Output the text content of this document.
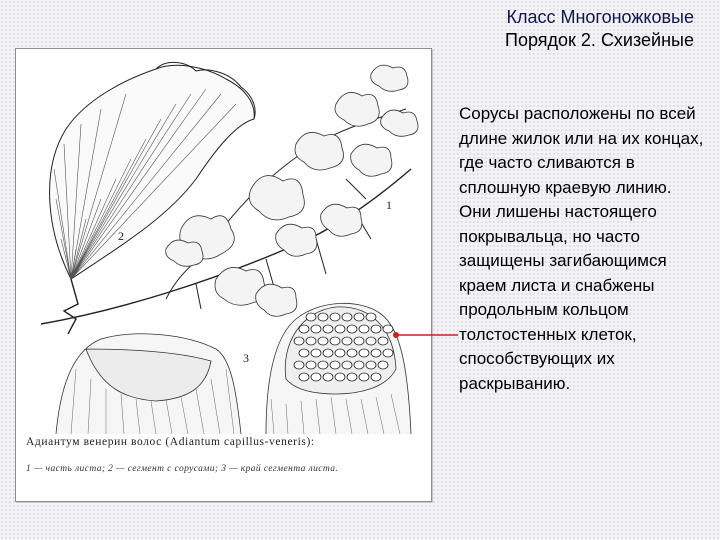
Класс Многоножковые
Порядок 2. Схизейные
2
1
3
Адиантум венерин волос (Adiantum capillus-veneris):
1 — часть листа; 2 — сегмент с сорусами; 3 — край сегмента листа.

Сорусы расположены по всей длине жилок или на их концах, где часто сливаются в сплошную краевую линию.

Они лишены настоящего покрывальца, но часто защищены загибающимся краем листа и снабжены продольным кольцом толстостенных клеток, способствующих их раскрыванию.
